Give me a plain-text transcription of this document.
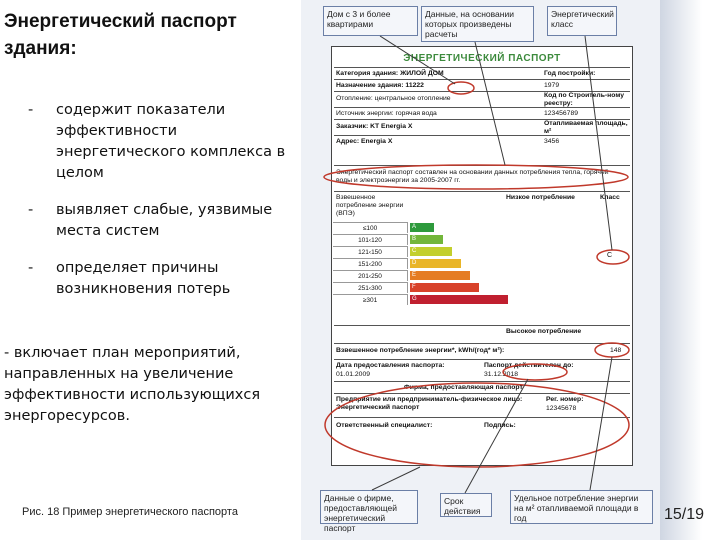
Энергетический паспорт здания:
-	содержит показатели эффективности энергетического комплекса в целом
-	выявляет слабые, уязвимые места систем
-	определяет причины возникновения потерь
- включает план мероприятий, направленных на увеличение эффективности использующихся энергоресурсов.
Рис. 18 Пример энергетического паспорта	15/19
Дом с 3 и более квартирами
Данные, на основании которых произведены расчеты
Энергетический класс
ЭНЕРГЕТИЧЕСКИЙ ПАСПОРТ
Категория здания: ЖИЛОЙ ДОМ	Год постройки:
Назначение здания: 11222	1979
Отопление: центральное отопление	Код по Строитель-ному реестру:
Источник энергии: горячая вода	123456789
Заказчик: KT Energia X	Отапливаемая площадь, м²
Адрес: Energia X	3456
Энергетический паспорт составлен на основании данных потребления тепла, горячей воды и электроэнергии за 2005-2007 гг.
Взвешенное потребление энергии (ВПЭ)
Низкое потребление	Класс
Высокое потребление
Взвешенное потребление энергии*, kWh/(год* м²):	148
Дата предоставления паспорта:
01.01.2009
Паспорт действителен до:
31.12.2018
Фирма, предоставляющая паспорт
Предприятие или предприниматель-физическое лицо: Энергетический паспорт
Рег. номер:
12345678
Ответственный специалист:	Подпись:
≤100	A
101‹120	B
121‹150	C
151‹200	D
201‹250	E
251‹300	F
≥301	G
C
Данные о фирме, предоставляющей энергетический паспорт
Срок действия
Удельное потребление энергии на м² отапливаемой площади в год
